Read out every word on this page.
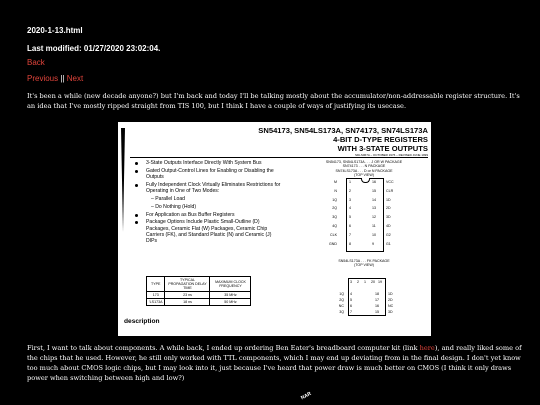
2020-1-13.html
Last modified: 01/27/2020 23:02:04.
Back
Previous || Next
It's been a while (new decade anyone?) but I'm back and today I'll be talking mostly about the accumulator/non-addressable register structure. It's an idea that I've mostly ripped straight from TIS 100, but I think I have a couple of ways of justifying its usecase.
SN54173, SN54LS173A, SN74173, SN74LS173A
4-BIT D-TYPE REGISTERS
WITH 3-STATE OUTPUTS
SDLS067A – OCTOBER 1976 – REVISED JUNE 1999
3-State Outputs Interface Directly With System Bus
Gated Output-Control Lines for Enabling or Disabling the Outputs
Fully Independent Clock Virtually Eliminates Restrictions for Operating in One of Two Modes:
– Parallel Load
– Do Nothing (Hold)
For Application as Bus Buffer Registers
Package Options Include Plastic Small-Outline (D) Packages, Ceramic Flat (W) Packages, Ceramic Chip Carriers (FK), and Standard Plastic (N) and Ceramic (J) DIPs
SN54173, SN54LS173A . . . J OR W PACKAGE
SN74173 . . . N PACKAGE
SN74LS173A . . . D or N PACKAGE
(TOP VIEW)
SN54LS173A . . . FK PACKAGE
(TOP VIEW)
TYPE	TYPICAL PROPAGATION DELAY TIME	MAXIMUM CLOCK FREQUENCY
173	23 ns	35 MHz
'LS173A	18 ns	50 MHz
description
M	1
N	2
1Q	3
2Q	4
3Q	5
4Q	6
CLK	7
GND	8
16	VCC
15	CLR
14	1D
13	2D
12	3D
11	4D
10	G2
9	G1
3 2 1 20 19
1Q 4
2Q 5
NC 6
3Q 7
18	1D
17	2D
16	NC
15	3D
Datasheet for 74LS173
First, I want to talk about components. A while back, I ended up ordering Ben Eater's breadboard computer kit (link here), and really liked some of the chips that he used. However, he still only worked with TTL components, which I may end up deviating from in the final design. I don't yet know too much about CMOS logic chips, but I may look into it, just because I've heard that power draw is much better on CMOS (I think it only draws power when switching between high and low?)
NAR
